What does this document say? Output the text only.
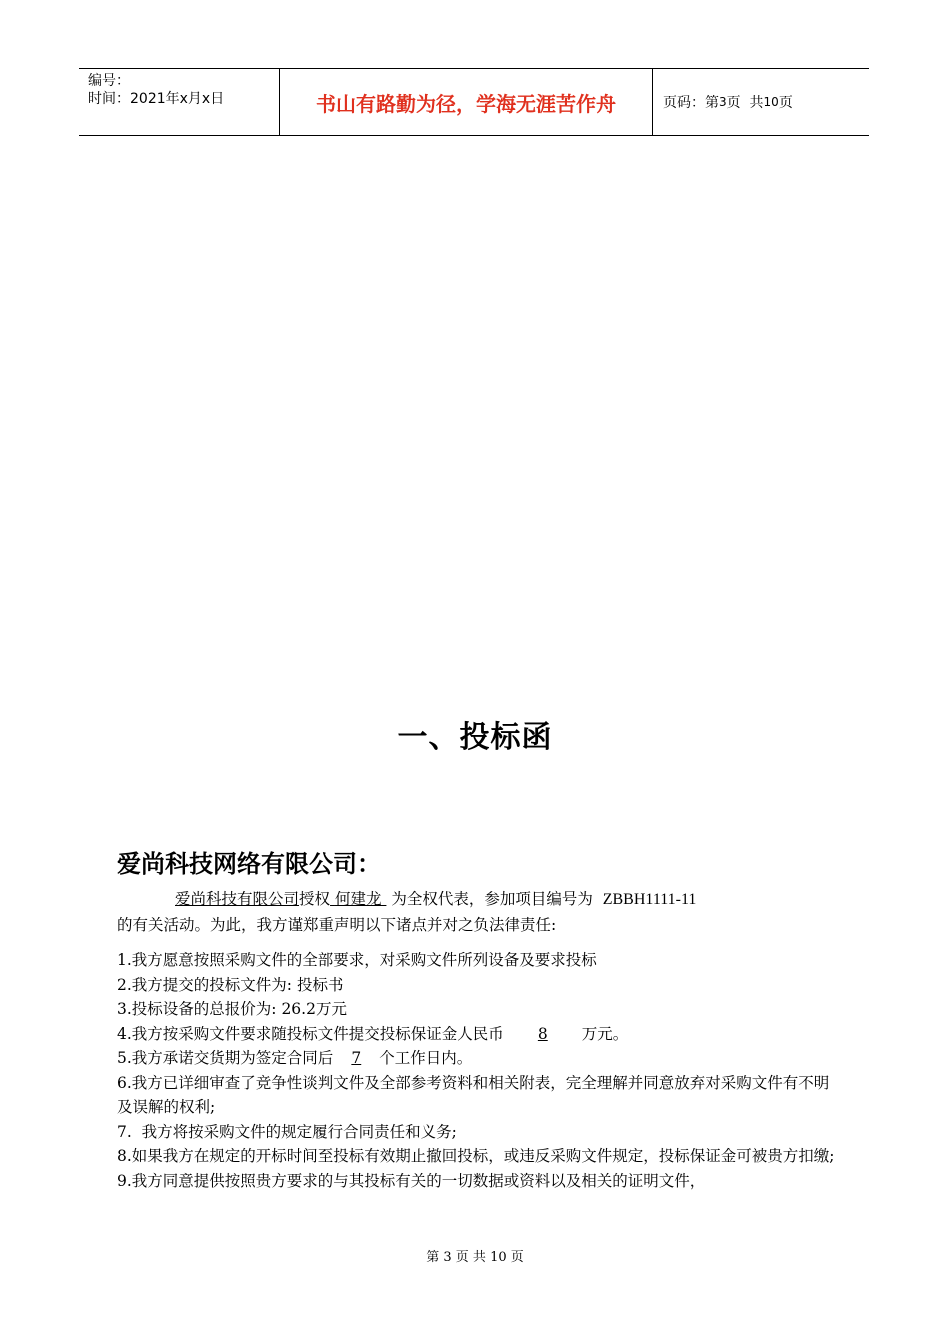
编号：
时间：2021年x月x日	书山有路勤为径，学海无涯苦作舟	页码： 第 3 页  共 10 页
一、投标函
爱尚科技网络有限公司：

爱尚科技有限公司授权 何建龙 为全权代表，参加项目编号为 ZBBH1111-11
的有关活动。为此，我方谨郑重声明以下诸点并对之负法律责任:

1.我方愿意按照采购文件的全部要求，对采购文件所列设备及要求投标

2.我方提交的投标文件为: 投标书

3.投标设备的总报价为: 26.2万元

4.我方按采购文件要求随投标文件提交投标保证金人民币 8 万元。

5.我方承诺交货期为签定合同后 7 个工作日内。

6.我方已详细审查了竞争性谈判文件及全部参考资料和相关附表，完全理解并同意放弃对采购文件有不明及误解的权利;

7.  我方将按采购文件的规定履行合同责任和义务;

8.如果我方在规定的开标时间至投标有效期止撤回投标，或违反采购文件规定，投标保证金可被贵方扣缴;

9.我方同意提供按照贵方要求的与其投标有关的一切数据或资料以及相关的证明文件，

第 3 页 共 10 页
